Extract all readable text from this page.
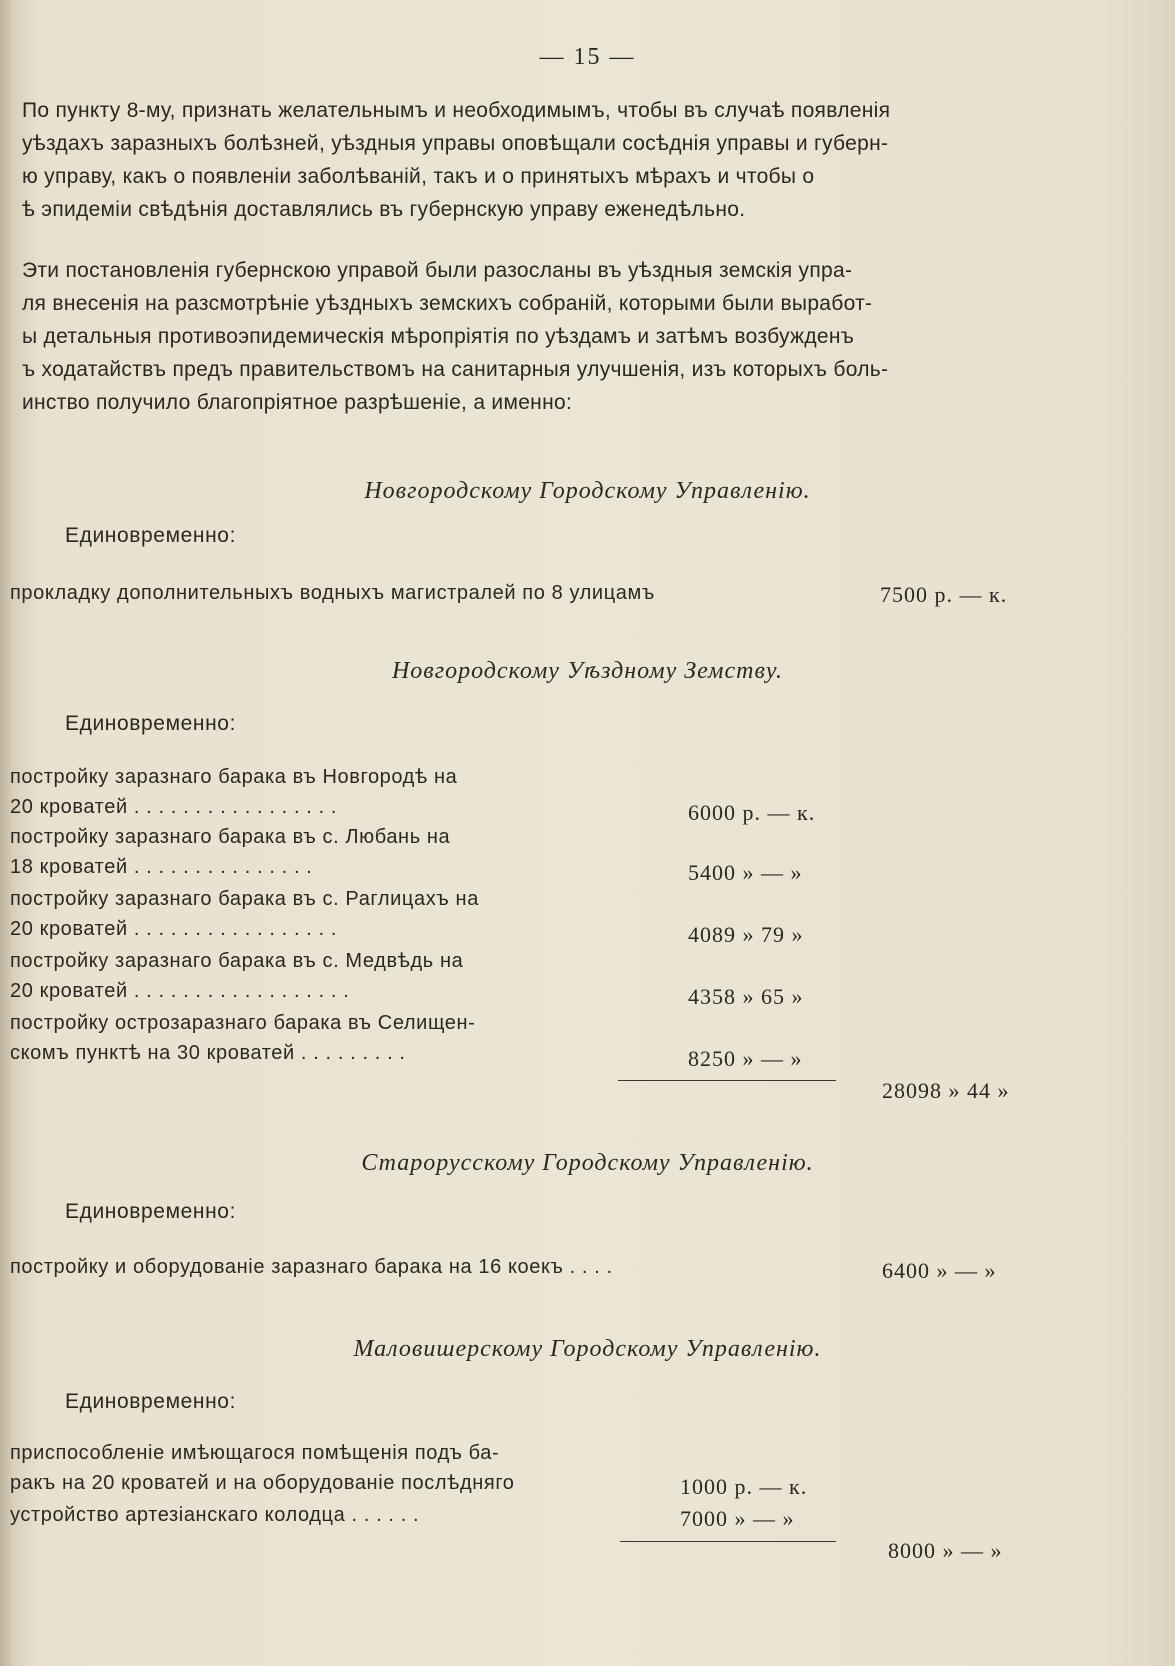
— 15 —

По пункту 8-му, признать желательнымъ и необходимымъ, чтобы въ случаѣ появленія

уѣздахъ заразныхъ болѣзней, уѣздныя управы оповѣщали сосѣднія управы и губерн-

ю управу, какъ о появленіи заболѣваній, такъ и о принятыхъ мѣрахъ и чтобы о

ѣ эпидеміи свѣдѣнія доставлялись въ губернскую управу еженедѣльно.

Эти постановленія губернскою управой были разосланы въ уѣздныя земскія упра-

ля внесенія на разсмотрѣніе уѣздныхъ земскихъ собраній, которыми были выработ-

ы детальныя противоэпидемическія мѣропріятія по уѣздамъ и затѣмъ возбужденъ

ъ ходатайствъ предъ правительствомъ на санитарныя улучшенія, изъ которыхъ боль-

инство получило благопріятное разрѣшеніе, а именно:

Новгородскому Городскому Управленію.
Единовременно:
прокладку дополнительныхъ водныхъ магистралей по 8 улицамъ	7500 р. — к.
Новгородскому Уѣздному Земству.
Единовременно:
постройку заразнаго барака въ Новгородѣ на
20 кроватей . . . . . . . . . . . . . . . . .	6000 р. — к.
постройку заразнаго барака въ с. Любань на
18 кроватей . . . . . . . . . . . . . . .	5400 » — »
постройку заразнаго барака въ с. Раглицахъ на
20 кроватей . . . . . . . . . . . . . . . . .	4089 » 79 »
постройку заразнаго барака въ с. Медвѣдь на
20 кроватей . . . . . . . . . . . . . . . . . .	4358 » 65 »
постройку острозаразнаго барака въ Селищен-
скомъ пунктѣ на 30 кроватей . . . . . . . . .	8250 » — »
28098 » 44 »
Старорусскому Городскому Управленію.
Единовременно:
постройку и оборудованіе заразнаго барака на 16 коекъ . . . .	6400 » — »
Маловишерскому Городскому Управленію.
Единовременно:
приспособленіе имѣющагося помѣщенія подъ ба-
ракъ на 20 кроватей и на оборудованіе послѣдняго	1000 р. — к.
устройство артезіанскаго колодца . . . . . .	7000 » — »
8000 » — »
